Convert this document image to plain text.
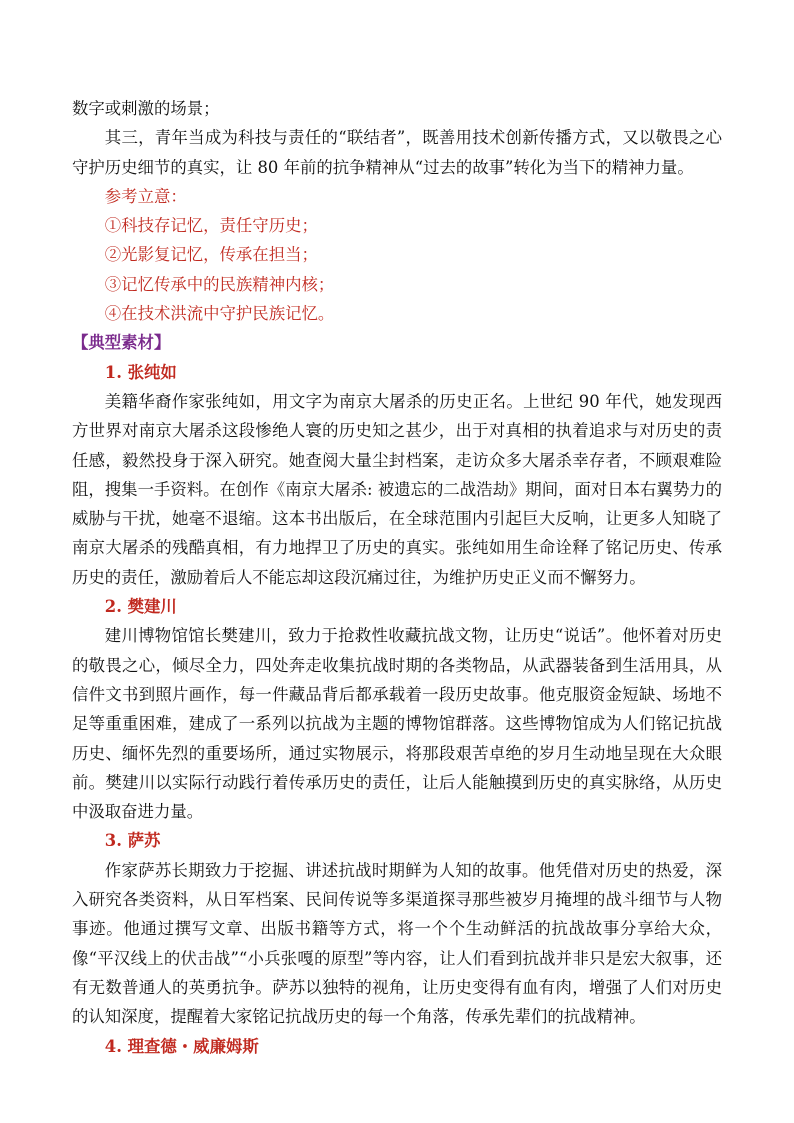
数字或刺激的场景；

其三，青年当成为科技与责任的“联结者”，既善用技术创新传播方式，又以敬畏之心守护历史细节的真实，让 80 年前的抗争精神从“过去的故事”转化为当下的精神力量。

参考立意：

①科技存记忆，责任守历史；

②光影复记忆，传承在担当；

③记忆传承中的民族精神内核；

④在技术洪流中守护民族记忆。

【典型素材】

1. 张纯如

美籍华裔作家张纯如，用文字为南京大屠杀的历史正名。上世纪 90 年代，她发现西方世界对南京大屠杀这段惨绝人寰的历史知之甚少，出于对真相的执着追求与对历史的责任感，毅然投身于深入研究。她查阅大量尘封档案，走访众多大屠杀幸存者，不顾艰难险阻，搜集一手资料。在创作《南京大屠杀: 被遗忘的二战浩劫》期间，面对日本右翼势力的威胁与干扰，她毫不退缩。这本书出版后，在全球范围内引起巨大反响，让更多人知晓了南京大屠杀的残酷真相，有力地捍卫了历史的真实。张纯如用生命诠释了铭记历史、传承历史的责任，激励着后人不能忘却这段沉痛过往，为维护历史正义而不懈努力。

2. 樊建川

建川博物馆馆长樊建川，致力于抢救性收藏抗战文物，让历史“说话”。他怀着对历史的敬畏之心，倾尽全力，四处奔走收集抗战时期的各类物品，从武器装备到生活用具，从信件文书到照片画作，每一件藏品背后都承载着一段历史故事。他克服资金短缺、场地不足等重重困难，建成了一系列以抗战为主题的博物馆群落。这些博物馆成为人们铭记抗战历史、缅怀先烈的重要场所，通过实物展示，将那段艰苦卓绝的岁月生动地呈现在大众眼前。樊建川以实际行动践行着传承历史的责任，让后人能触摸到历史的真实脉络，从历史中汲取奋进力量。

3. 萨苏

作家萨苏长期致力于挖掘、讲述抗战时期鲜为人知的故事。他凭借对历史的热爱，深入研究各类资料，从日军档案、民间传说等多渠道探寻那些被岁月掩埋的战斗细节与人物事迹。他通过撰写文章、出版书籍等方式，将一个个生动鲜活的抗战故事分享给大众，像“平汉线上的伏击战”“小兵张嘎的原型”等内容，让人们看到抗战并非只是宏大叙事，还有无数普通人的英勇抗争。萨苏以独特的视角，让历史变得有血有肉，增强了人们对历史的认知深度，提醒着大家铭记抗战历史的每一个角落，传承先辈们的抗战精神。

4. 理查德・威廉姆斯
